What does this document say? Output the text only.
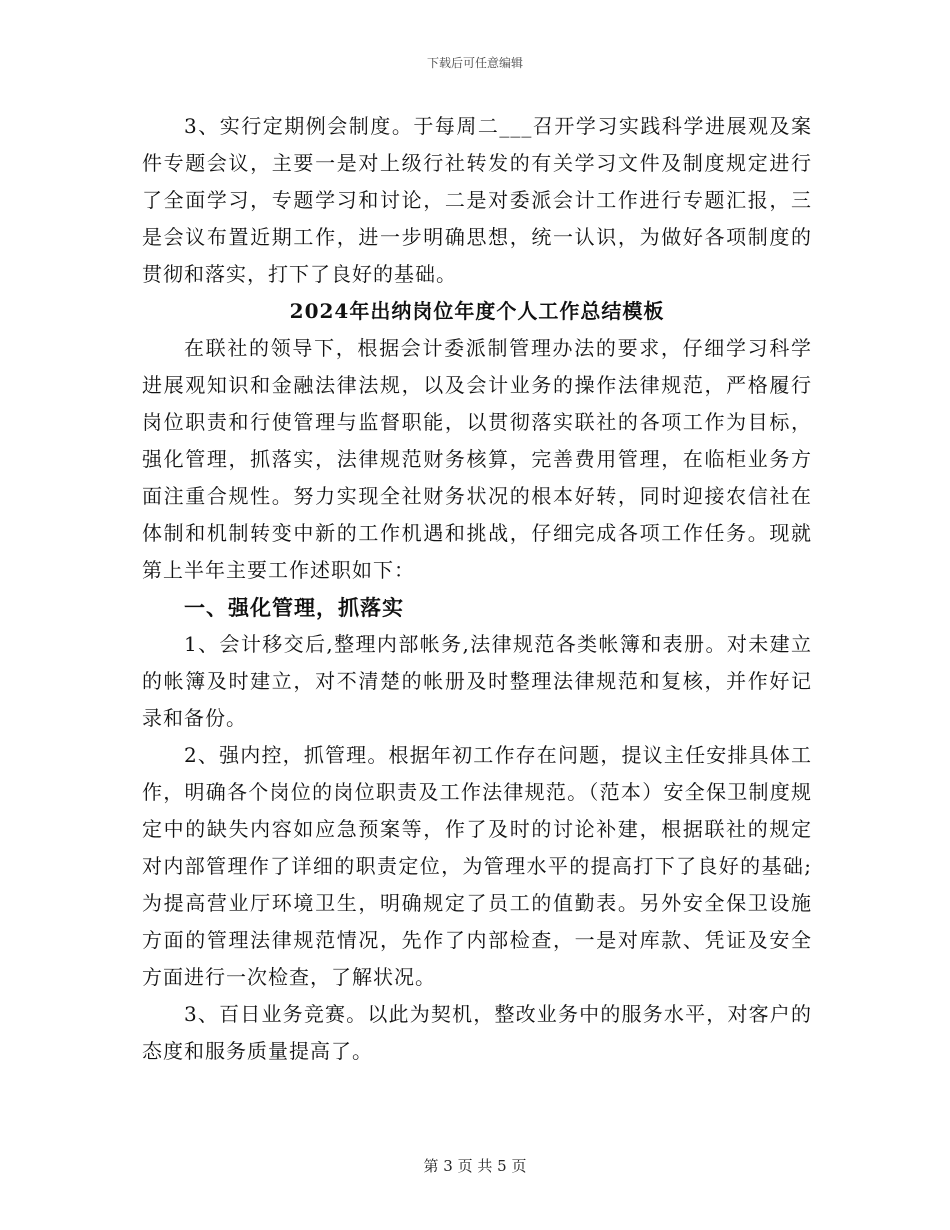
下载后可任意编辑

3、实行定期例会制度。于每周二___召开学习实践科学进展观及案件专题会议，主要一是对上级行社转发的有关学习文件及制度规定进行了全面学习，专题学习和讨论，二是对委派会计工作进行专题汇报，三是会议布置近期工作，进一步明确思想，统一认识，为做好各项制度的贯彻和落实，打下了良好的基础。

2024年出纳岗位年度个人工作总结模板

在联社的领导下，根据会计委派制管理办法的要求，仔细学习科学进展观知识和金融法律法规，以及会计业务的操作法律规范，严格履行岗位职责和行使管理与监督职能，以贯彻落实联社的各项工作为目标，强化管理，抓落实，法律规范财务核算，完善费用管理，在临柜业务方面注重合规性。努力实现全社财务状况的根本好转，同时迎接农信社在体制和机制转变中新的工作机遇和挑战，仔细完成各项工作任务。现就第上半年主要工作述职如下：

一、强化管理，抓落实

1、会计移交后,整理内部帐务,法律规范各类帐簿和表册。对未建立的帐簿及时建立，对不清楚的帐册及时整理法律规范和复核，并作好记录和备份。

2、强内控，抓管理。根据年初工作存在问题，提议主任安排具体工作，明确各个岗位的岗位职责及工作法律规范。（范本）安全保卫制度规定中的缺失内容如应急预案等，作了及时的讨论补建，根据联社的规定对内部管理作了详细的职责定位，为管理水平的提高打下了良好的基础;为提高营业厅环境卫生，明确规定了员工的值勤表。另外安全保卫设施方面的管理法律规范情况，先作了内部检查，一是对库款、凭证及安全方面进行一次检查，了解状况。

3、百日业务竞赛。以此为契机，整改业务中的服务水平，对客户的态度和服务质量提高了。

第 3 页 共 5 页
